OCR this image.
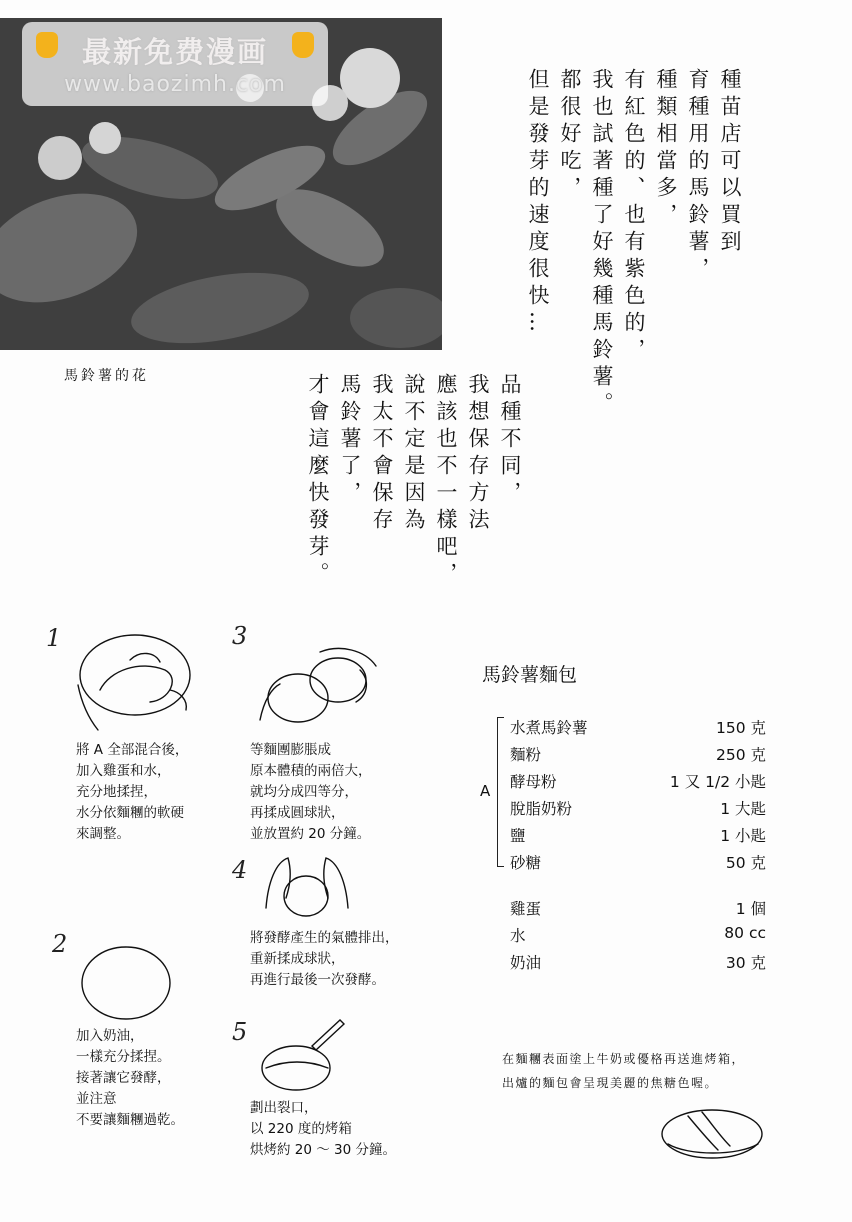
最新免费漫画
www.baozimh.com
馬鈴薯的花
種苗店可以買到
育種用的馬鈴薯，
種類相當多，
有紅色的、也有紫色的，
我也試著種了好幾種馬鈴薯。
都很好吃，
但是發芽的速度很快…
品種不同，
我想保存方法
應該也不一樣吧，
說不定是因為
我太不會保存
馬鈴薯了，
才會這麼快發芽。
1
將 A 全部混合後，
加入雞蛋和水，
充分地揉捏，
水分依麵糰的軟硬
來調整。
2
加入奶油，
一樣充分揉捏。
接著讓它發酵，
並注意
不要讓麵糰過乾。
3
等麵團膨脹成
原本體積的兩倍大，
就均分成四等分，
再揉成圓球狀，
並放置約 20 分鐘。
4
將發酵產生的氣體排出，
重新揉成球狀，
再進行最後一次發酵。
5
劃出裂口，
以 220 度的烤箱
烘烤約 20 ～ 30 分鐘。
馬鈴薯麵包
A
水煮馬鈴薯	150 克
麵粉	250 克
酵母粉	1 又 1/2 小匙
脫脂奶粉	1 大匙
鹽	1 小匙
砂糖	50 克
雞蛋	1 個
水	80 cc
奶油	30 克
在麵糰表面塗上牛奶或優格再送進烤箱，
出爐的麵包會呈現美麗的焦糖色喔。
